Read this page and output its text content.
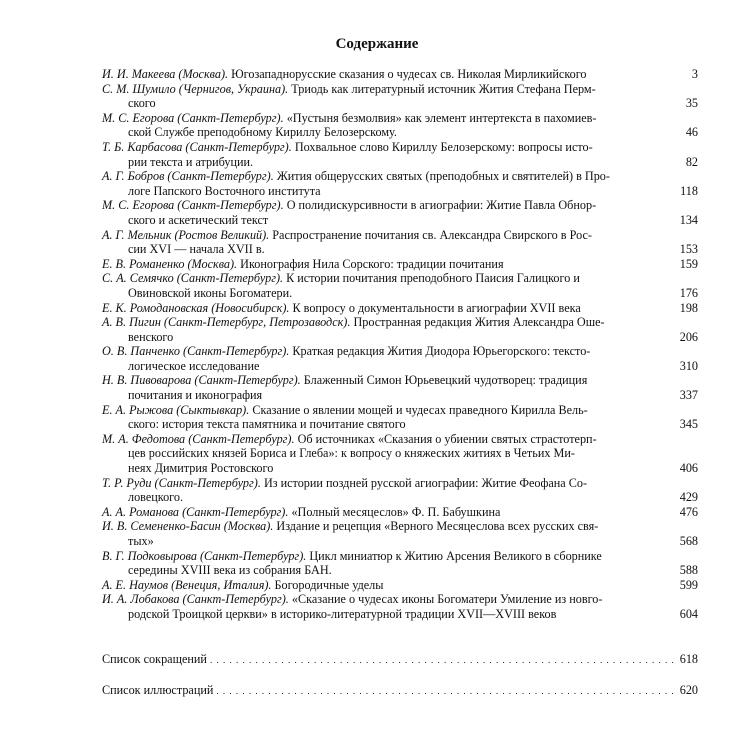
Содержание
И. И. Макеева (Москва). Югозападнорусские сказания о чудесах св. Николая Мирликийского	3
С. М. Шумило (Чернигов, Украина). Триодь как литературный источник Жития Стефана Перм-
ского	35
М. С. Егорова (Санкт-Петербург). «Пустыня безмолвия» как элемент интертекста в пахомиев-
ской Службе преподобному Кириллу Белозерскому.	46
Т. Б. Карбасова (Санкт-Петербург). Похвальное слово Кириллу Белозерскому: вопросы исто-
рии текста и атрибуции.	82
А. Г. Бобров (Санкт-Петербург). Жития общерусских святых (преподобных и святителей) в Про-
логе Папского Восточного института	118
М. С. Егорова (Санкт-Петербург). О полидискурсивности в агиографии: Житие Павла Обнор-
ского и аскетический текст	134
А. Г. Мельник (Ростов Великий). Распространение почитания св. Александра Свирского в Рос-
сии XVI — начала XVII в.	153
Е. В. Романенко (Москва). Иконография Нила Сорского: традиции почитания	159
С. А. Семячко (Санкт-Петербург). К истории почитания преподобного Паисия Галицкого и
Овиновской иконы Богоматери.	176
Е. К. Ромодановская (Новосибирск). К вопросу о документальности в агиографии XVII века	198
А. В. Пигин (Санкт-Петербург, Петрозаводск). Пространная редакция Жития Александра Оше-
венского	206
О. В. Панченко (Санкт-Петербург). Краткая редакция Жития Диодора Юрьегорского: тексто-
логическое исследование	310
Н. В. Пивоварова (Санкт-Петербург). Блаженный Симон Юрьевецкий чудотворец: традиция
почитания и иконография	337
Е. А. Рыжова (Сыктывкар). Сказание о явлении мощей и чудесах праведного Кирилла Вель-
ского: история текста памятника и почитание святого	345
М. А. Федотова (Санкт-Петербург). Об источниках «Сказания о убиении святых страстотерп-
цев российских князей Бориса и Глеба»: к вопросу о княжеских житиях в Четьих Ми-
неях Димитрия Ростовского	406
Т. Р. Руди (Санкт-Петербург). Из истории поздней русской агиографии: Житие Феофана Со-
ловецкого.	429
А. А. Романова (Санкт-Петербург). «Полный месяцеслов» Ф. П. Бабушкина	476
И. В. Семененко-Басин (Москва). Издание и рецепция «Верного Месяцеслова всех русских свя-
тых»	568
В. Г. Подковырова (Санкт-Петербург). Цикл миниатюр к Житию Арсения Великого в сборнике
середины XVIII века из собрания БАН.	588
А. Е. Наумов (Венеция, Италия). Богородичные уделы	599
И. А. Лобакова (Санкт-Петербург). «Сказание о чудесах иконы Богоматери Умиление из новго-
родской Троицкой церкви» в историко-литературной традиции XVII—XVIII веков	604
Список сокращений . . .	618
Список иллюстраций . . .	620
